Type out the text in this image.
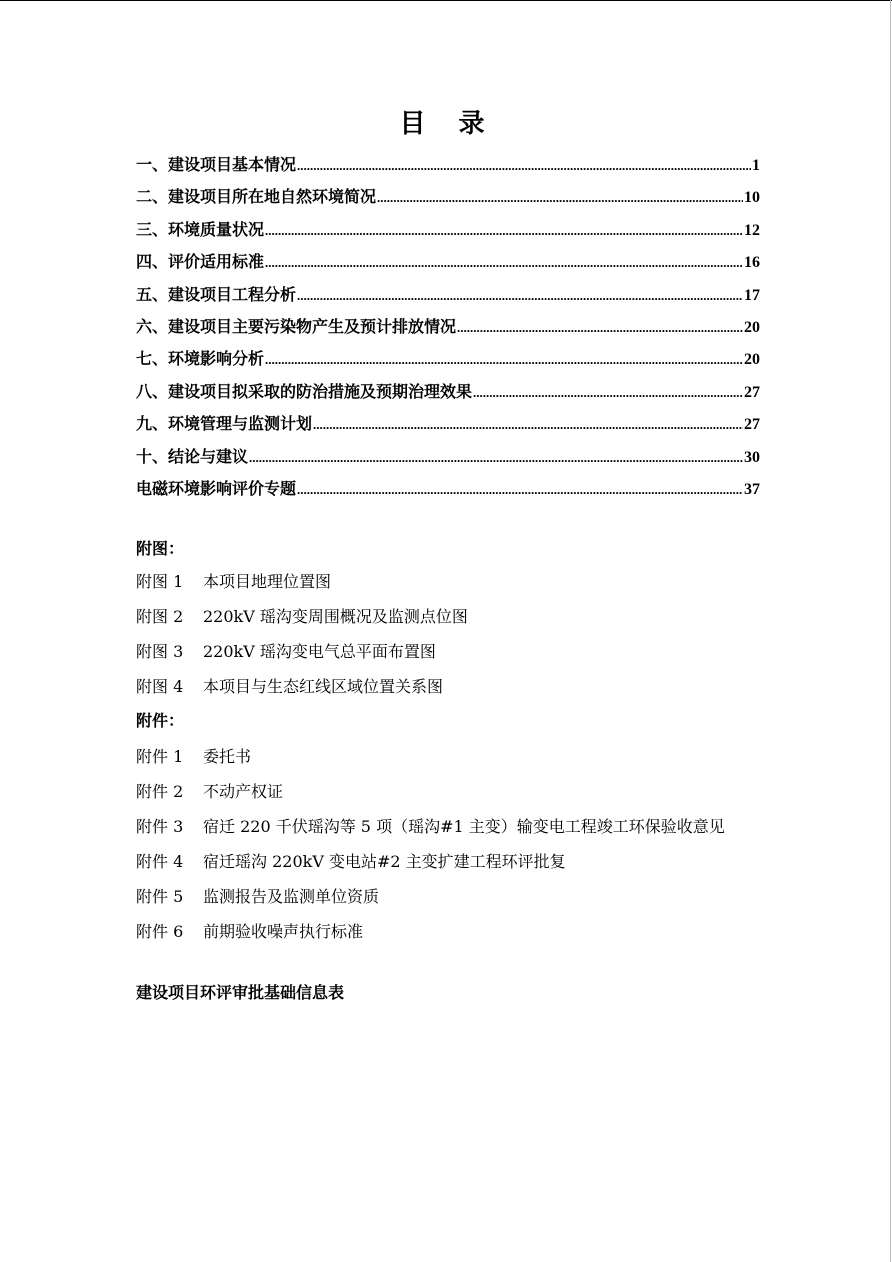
目 录
一、建设项目基本情况 .....	1
二、建设项目所在地自然环境简况 .....	10
三、环境质量状况 .....	12
四、评价适用标准 .....	16
五、建设项目工程分析 .....	17
六、建设项目主要污染物产生及预计排放情况 .....	20
七、环境影响分析 .....	20
八、建设项目拟采取的防治措施及预期治理效果 .....	27
九、环境管理与监测计划 .....	27
十、结论与建议 .....	30
电磁环境影响评价专题 .....	37
附图：
附图 1	本项目地理位置图
附图 2	220kV 瑶沟变周围概况及监测点位图
附图 3	220kV 瑶沟变电气总平面布置图
附图 4	本项目与生态红线区域位置关系图
附件：
附件 1	委托书
附件 2	不动产权证
附件 3	宿迁 220 千伏瑶沟等 5 项（瑶沟#1 主变）输变电工程竣工环保验收意见
附件 4	宿迁瑶沟 220kV 变电站#2 主变扩建工程环评批复
附件 5	监测报告及监测单位资质
附件 6	前期验收噪声执行标准
建设项目环评审批基础信息表
